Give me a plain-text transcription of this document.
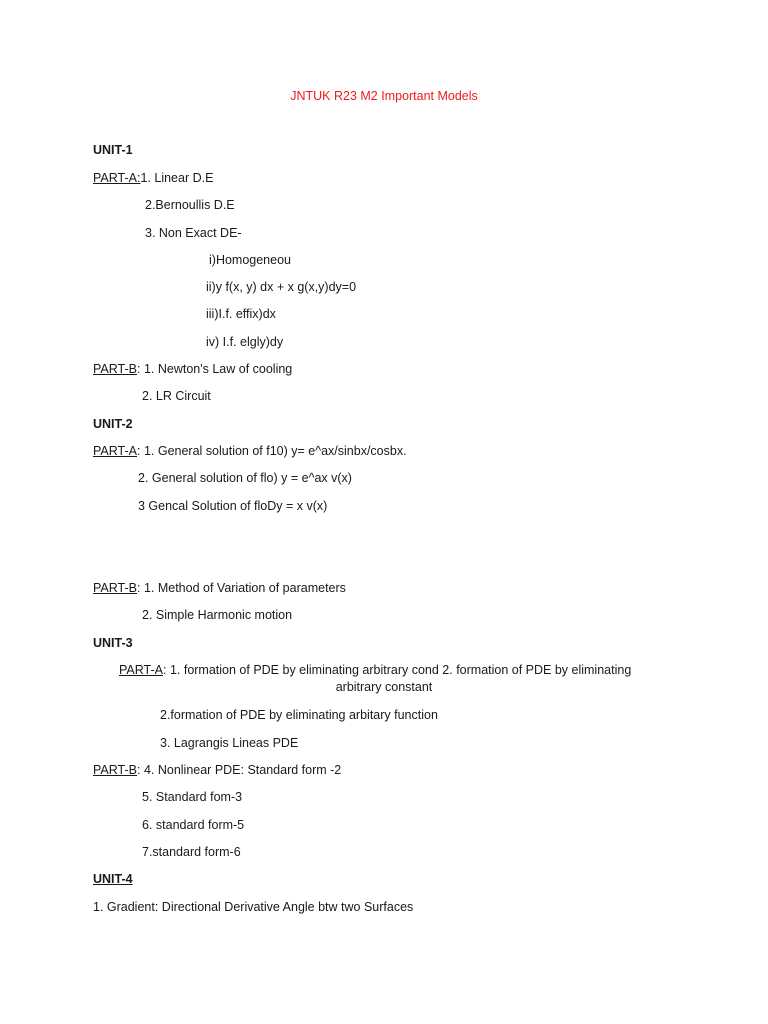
JNTUK R23 M2 Important Models
UNIT-1
PART-A:1. Linear D.E
2.Bernoullis D.E
3. Non Exact DE-
i)Homogeneou
ii)y f(x, y) dx + x g(x,y)dy=0
iii)I.f. effix)dx
iv) I.f. elgly)dy
PART-B: 1. Newton's Law of cooling
2. LR Circuit
UNIT-2
PART-A: 1. General solution of f10) y= e^ax/sinbx/cosbx.
2. General solution of flo) y = e^ax v(x)
3 Gencal Solution of floDy = x v(x)
PART-B: 1. Method of Variation of parameters
2. Simple Harmonic motion
UNIT-3
PART-A: 1. formation of PDE by eliminating arbitrary cond 2. formation of PDE by eliminating
arbitrary constant
2.formation of PDE by eliminating arbitary function
3. Lagrangis Lineas PDE
PART-B: 4. Nonlinear PDE: Standard form -2
5. Standard fom-3
6. standard form-5
7.standard form-6
UNIT-4
1. Gradient: Directional Derivative Angle btw two Surfaces
